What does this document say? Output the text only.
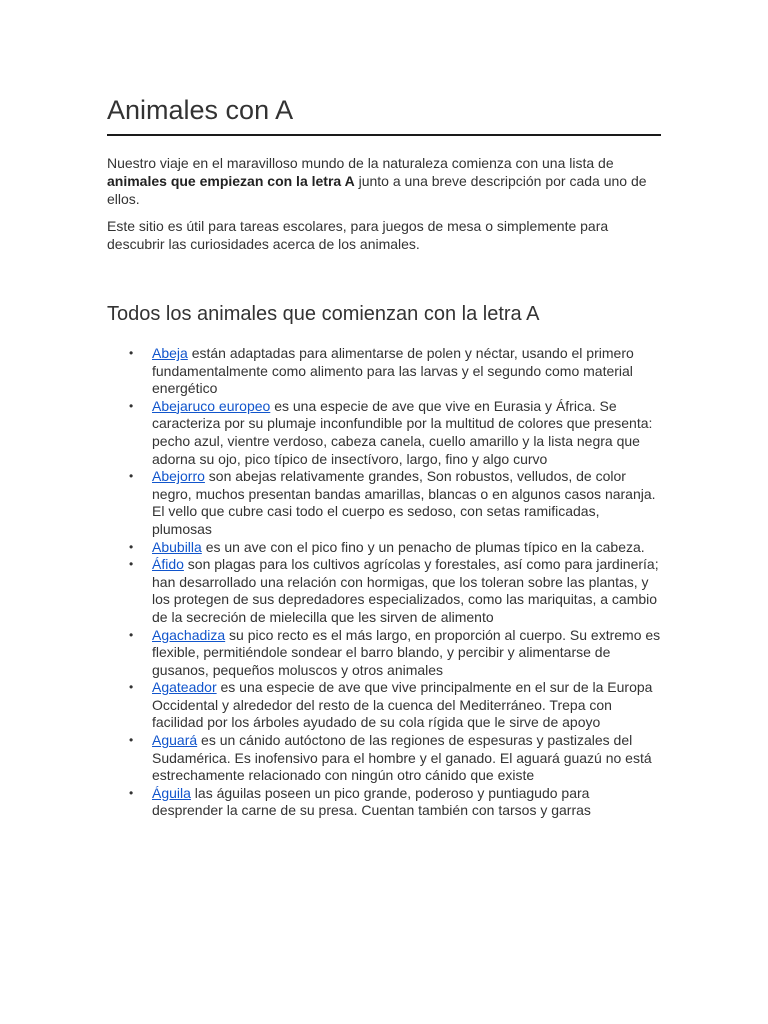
Animales con A

Nuestro viaje en el maravilloso mundo de la naturaleza comienza con una lista de animales que empiezan con la letra A junto a una breve descripción por cada uno de ellos.

Este sitio es útil para tareas escolares, para juegos de mesa o simplemente para descubrir las curiosidades acerca de los animales.

Todos los animales que comienzan con la letra A
• Abeja están adaptadas para alimentarse de polen y néctar, usando el primero fundamentalmente como alimento para las larvas y el segundo como material energético
• Abejaruco europeo es una especie de ave que vive en Eurasia y África. Se caracteriza por su plumaje inconfundible por la multitud de colores que presenta: pecho azul, vientre verdoso, cabeza canela, cuello amarillo y la lista negra que adorna su ojo, pico típico de insectívoro, largo, fino y algo curvo
• Abejorro son abejas relativamente grandes, Son robustos, velludos, de color negro, muchos presentan bandas amarillas, blancas o en algunos casos naranja. El vello que cubre casi todo el cuerpo es sedoso, con setas ramificadas, plumosas
• Abubilla es un ave con el pico fino y un penacho de plumas típico en la cabeza.
• Áfido son plagas para los cultivos agrícolas y forestales, así como para jardinería; han desarrollado una relación con hormigas, que los toleran sobre las plantas, y los protegen de sus depredadores especializados, como las mariquitas, a cambio de la secreción de mielecilla que les sirven de alimento
• Agachadiza su pico recto es el más largo, en proporción al cuerpo. Su extremo es flexible, permitiéndole sondear el barro blando, y percibir y alimentarse de gusanos, pequeños moluscos y otros animales
• Agateador es una especie de ave que vive principalmente en el sur de la Europa Occidental y alrededor del resto de la cuenca del Mediterráneo. Trepa con facilidad por los árboles ayudado de su cola rígida que le sirve de apoyo
• Aguará es un cánido autóctono de las regiones de espesuras y pastizales del Sudamérica. Es inofensivo para el hombre y el ganado. El aguará guazú no está estrechamente relacionado con ningún otro cánido que existe
• Águila las águilas poseen un pico grande, poderoso y puntiagudo para desprender la carne de su presa. Cuentan también con tarsos y garras
